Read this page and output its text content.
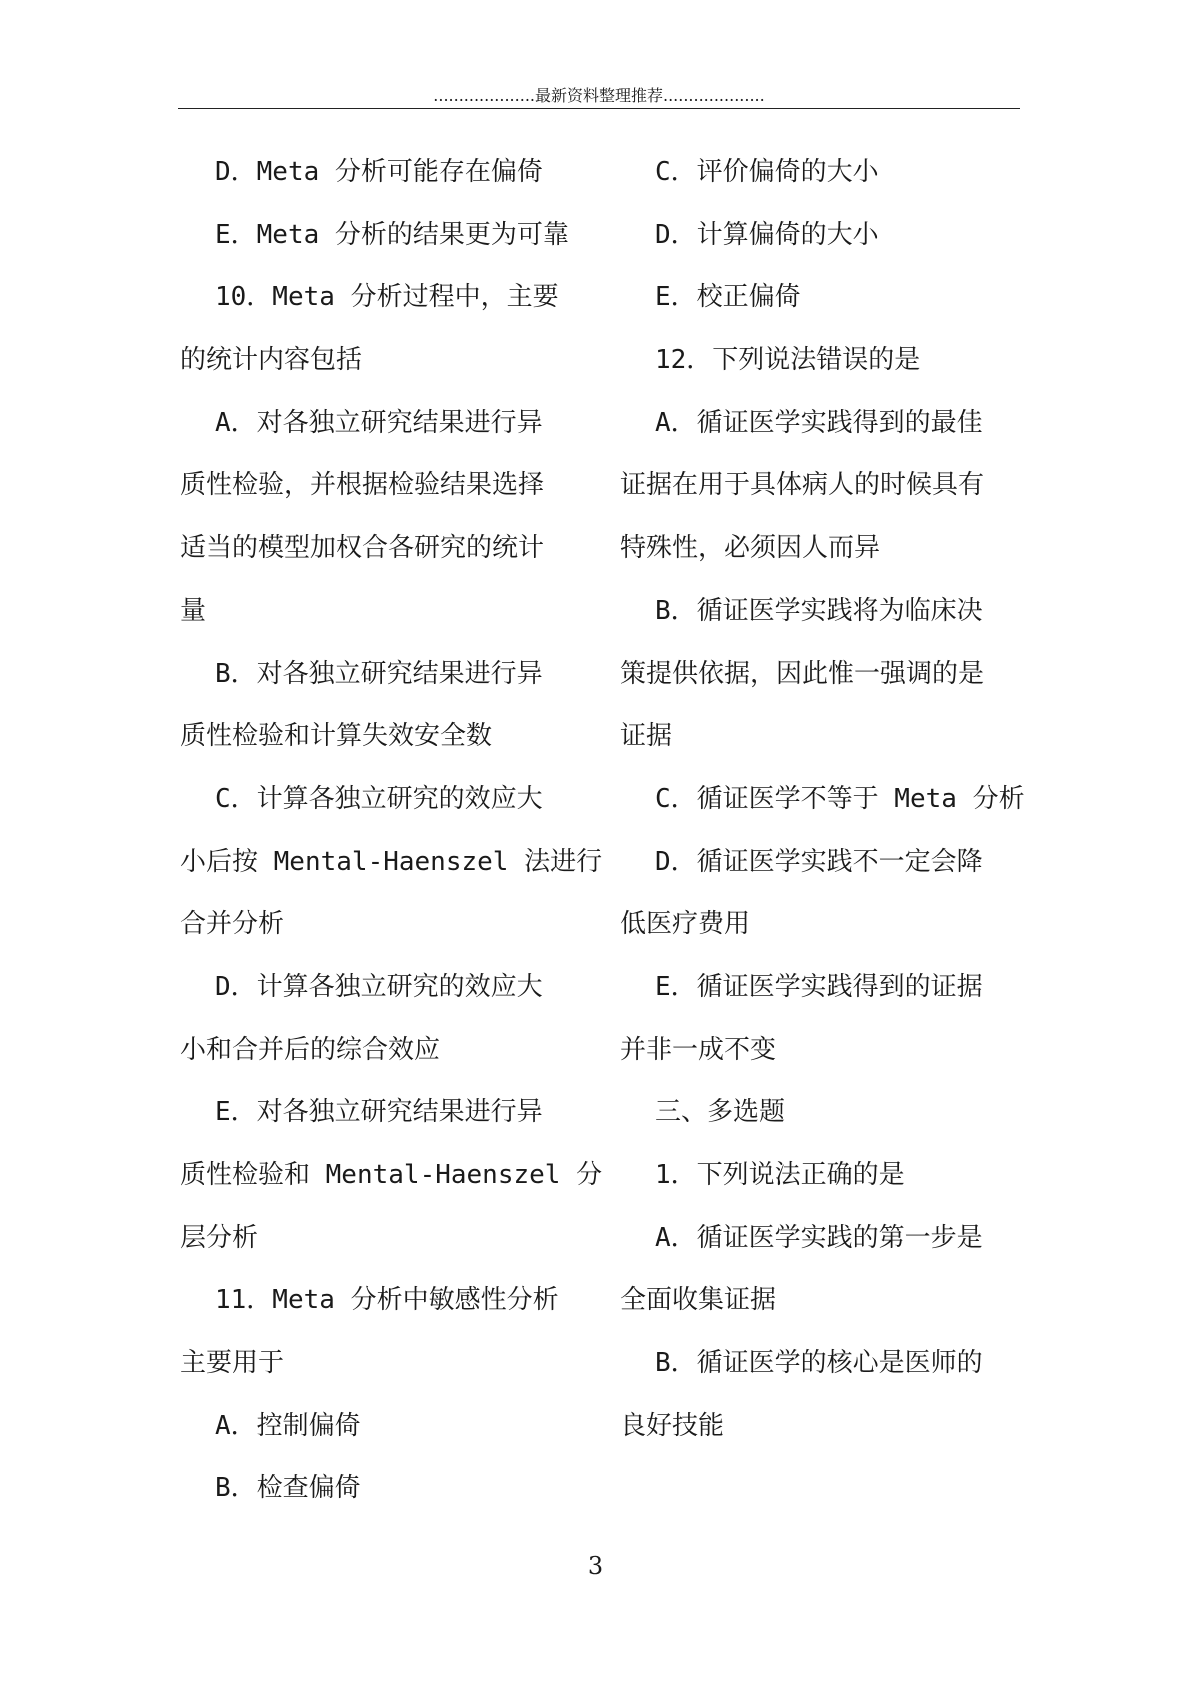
....................最新资料整理推荐....................
D．Meta 分析可能存在偏倚
E．Meta 分析的结果更为可靠
10．Meta 分析过程中，主要
的统计内容包括
A．对各独立研究结果进行异
质性检验，并根据检验结果选择
适当的模型加权合各研究的统计
量
B．对各独立研究结果进行异
质性检验和计算失效安全数
C．计算各独立研究的效应大
小后按 Mental-Haenszel 法进行
合并分析
D．计算各独立研究的效应大
小和合并后的综合效应
E．对各独立研究结果进行异
质性检验和 Mental-Haenszel 分
层分析
11．Meta 分析中敏感性分析
主要用于
A．控制偏倚
B．检查偏倚
C．评价偏倚的大小
D．计算偏倚的大小
E．校正偏倚
12．下列说法错误的是
A．循证医学实践得到的最佳
证据在用于具体病人的时候具有
特殊性，必须因人而异
B．循证医学实践将为临床决
策提供依据，因此惟一强调的是
证据
C．循证医学不等于 Meta 分析
D．循证医学实践不一定会降
低医疗费用
E．循证医学实践得到的证据
并非一成不变
三、多选题
1．下列说法正确的是
A．循证医学实践的第一步是
全面收集证据
B．循证医学的核心是医师的
良好技能
3
